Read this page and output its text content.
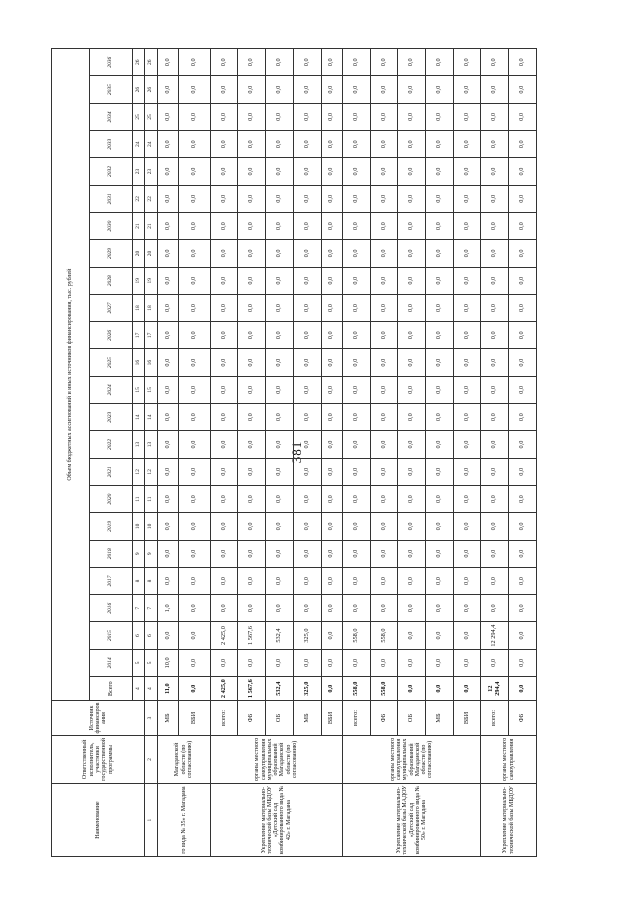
381
Наименование	Ответственный исполнитель, участники государственной программы	Источник финансирования	Объем бюджетных ассигнований и иных источников финансирования, тыс. рублей																							
			Всего	2014	2015	2016	2017	2018	2019	2020	2021	2022	2023	2024	2025	2026	2027	2028	2029	2030	2031	2032	2033	2034	2035	2036
			4	5	6	7	8	9	10	11	12	13	14	15	16	17	18	19	20	21	22	23	24	25	26	26
1	2	3	4	5	6	7	8	9	10	11	12	13	14	15	16	17	18	19	20	21	22	23	24	25	26	26
го вида № 35» г. Магадана	Магаданской области (по согласованию)	МБ	11,0	10,0	0,0	1,0	0,0	0,0	0,0	0,0	0,0	0,0	0,0	0,0	0,0	0,0	0,0	0,0	0,0	0,0	0,0	0,0	0,0	0,0	0,0	0,0
		ВБИ	0,0	0,0	0,0	0,0	0,0	0,0	0,0	0,0	0,0	0,0	0,0	0,0	0,0	0,0	0,0	0,0	0,0	0,0	0,0	0,0	0,0	0,0	0,0	0,0
Укрепление материально-технической базы МБДОУ «Детский сад комбинированного вида № 42» г. Магадана	органы местного самоуправления муниципальных образований Магаданской области (по согласованию)	всего:	2 425,0	0,0	2 425,0	0,0	0,0	0,0	0,0	0,0	0,0	0,0	0,0	0,0	0,0	0,0	0,0	0,0	0,0	0,0	0,0	0,0	0,0	0,0	0,0	0,0
		ФБ	1 567,6	0,0	1 567,6	0,0	0,0	0,0	0,0	0,0	0,0	0,0	0,0	0,0	0,0	0,0	0,0	0,0	0,0	0,0	0,0	0,0	0,0	0,0	0,0	0,0
		ОБ	532,4	0,0	532,4	0,0	0,0	0,0	0,0	0,0	0,0	0,0	0,0	0,0	0,0	0,0	0,0	0,0	0,0	0,0	0,0	0,0	0,0	0,0	0,0	0,0
		МБ	325,0	0,0	325,0	0,0	0,0	0,0	0,0	0,0	0,0	0,0	0,0	0,0	0,0	0,0	0,0	0,0	0,0	0,0	0,0	0,0	0,0	0,0	0,0	0,0
		ВБИ	0,0	0,0	0,0	0,0	0,0	0,0	0,0	0,0	0,0	0,0	0,0	0,0	0,0	0,0	0,0	0,0	0,0	0,0	0,0	0,0	0,0	0,0	0,0	0,0
Укрепление материально-технической базы МАДОУ «Детский сад комбинированного вида № 50» г. Магадана	органы местного самоуправления муниципальных образований Магаданской области (по согласованию)	всего:	558,0	0,0	558,0	0,0	0,0	0,0	0,0	0,0	0,0	0,0	0,0	0,0	0,0	0,0	0,0	0,0	0,0	0,0	0,0	0,0	0,0	0,0	0,0	0,0
		ФБ	558,0	0,0	558,0	0,0	0,0	0,0	0,0	0,0	0,0	0,0	0,0	0,0	0,0	0,0	0,0	0,0	0,0	0,0	0,0	0,0	0,0	0,0	0,0	0,0
		ОБ	0,0	0,0	0,0	0,0	0,0	0,0	0,0	0,0	0,0	0,0	0,0	0,0	0,0	0,0	0,0	0,0	0,0	0,0	0,0	0,0	0,0	0,0	0,0	0,0
		МБ	0,0	0,0	0,0	0,0	0,0	0,0	0,0	0,0	0,0	0,0	0,0	0,0	0,0	0,0	0,0	0,0	0,0	0,0	0,0	0,0	0,0	0,0	0,0	0,0
		ВБИ	0,0	0,0	0,0	0,0	0,0	0,0	0,0	0,0	0,0	0,0	0,0	0,0	0,0	0,0	0,0	0,0	0,0	0,0	0,0	0,0	0,0	0,0	0,0	0,0
Укрепление материально-технической базы МБДОУ	органы местного самоуправления	всего:	12 294,4	0,0	12 294,4	0,0	0,0	0,0	0,0	0,0	0,0	0,0	0,0	0,0	0,0	0,0	0,0	0,0	0,0	0,0	0,0	0,0	0,0	0,0	0,0	0,0
		ФБ	0,0	0,0	0,0	0,0	0,0	0,0	0,0	0,0	0,0	0,0	0,0	0,0	0,0	0,0	0,0	0,0	0,0	0,0	0,0	0,0	0,0	0,0	0,0	0,0
